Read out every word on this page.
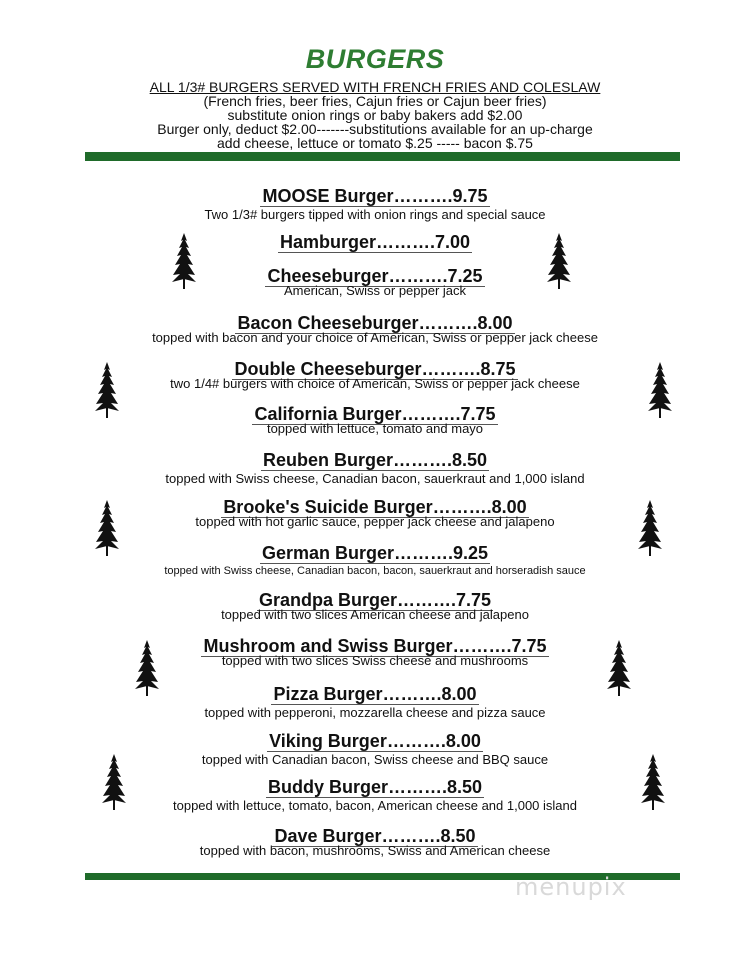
BURGERS
ALL 1/3# BURGERS SERVED WITH FRENCH FRIES AND COLESLAW
(French fries, beer fries, Cajun fries or Cajun beer fries)
substitute onion rings or baby bakers add $2.00
Burger only, deduct $2.00-------substitutions available for an up-charge
add cheese, lettuce or tomato $.25 ----- bacon $.75
MOOSE Burger……….9.75
Two 1/3# burgers tipped with onion rings and special sauce
Hamburger……….7.00
Cheeseburger……….7.25
American, Swiss or pepper jack
Bacon Cheeseburger……….8.00
topped with bacon and your choice of American, Swiss or pepper jack cheese
Double Cheeseburger……….8.75
two 1/4# burgers with choice of American, Swiss or pepper jack cheese
California Burger……….7.75
topped with lettuce, tomato and mayo
Reuben Burger……….8.50
topped with Swiss cheese, Canadian bacon, sauerkraut and 1,000 island
Brooke's Suicide Burger……….8.00
topped with hot garlic sauce, pepper jack cheese and jalapeno
German Burger……….9.25
topped with Swiss cheese, Canadian bacon, bacon, sauerkraut and horseradish sauce
Grandpa Burger……….7.75
topped with two slices American cheese and jalapeno
Mushroom and Swiss Burger……….7.75
topped with two slices Swiss cheese and mushrooms
Pizza Burger……….8.00
topped with pepperoni, mozzarella cheese and pizza sauce
Viking Burger……….8.00
topped with Canadian bacon, Swiss cheese and BBQ sauce
Buddy Burger……….8.50
topped with lettuce, tomato, bacon, American cheese and 1,000 island
Dave Burger……….8.50
topped with bacon, mushrooms, Swiss and American cheese
menupix
